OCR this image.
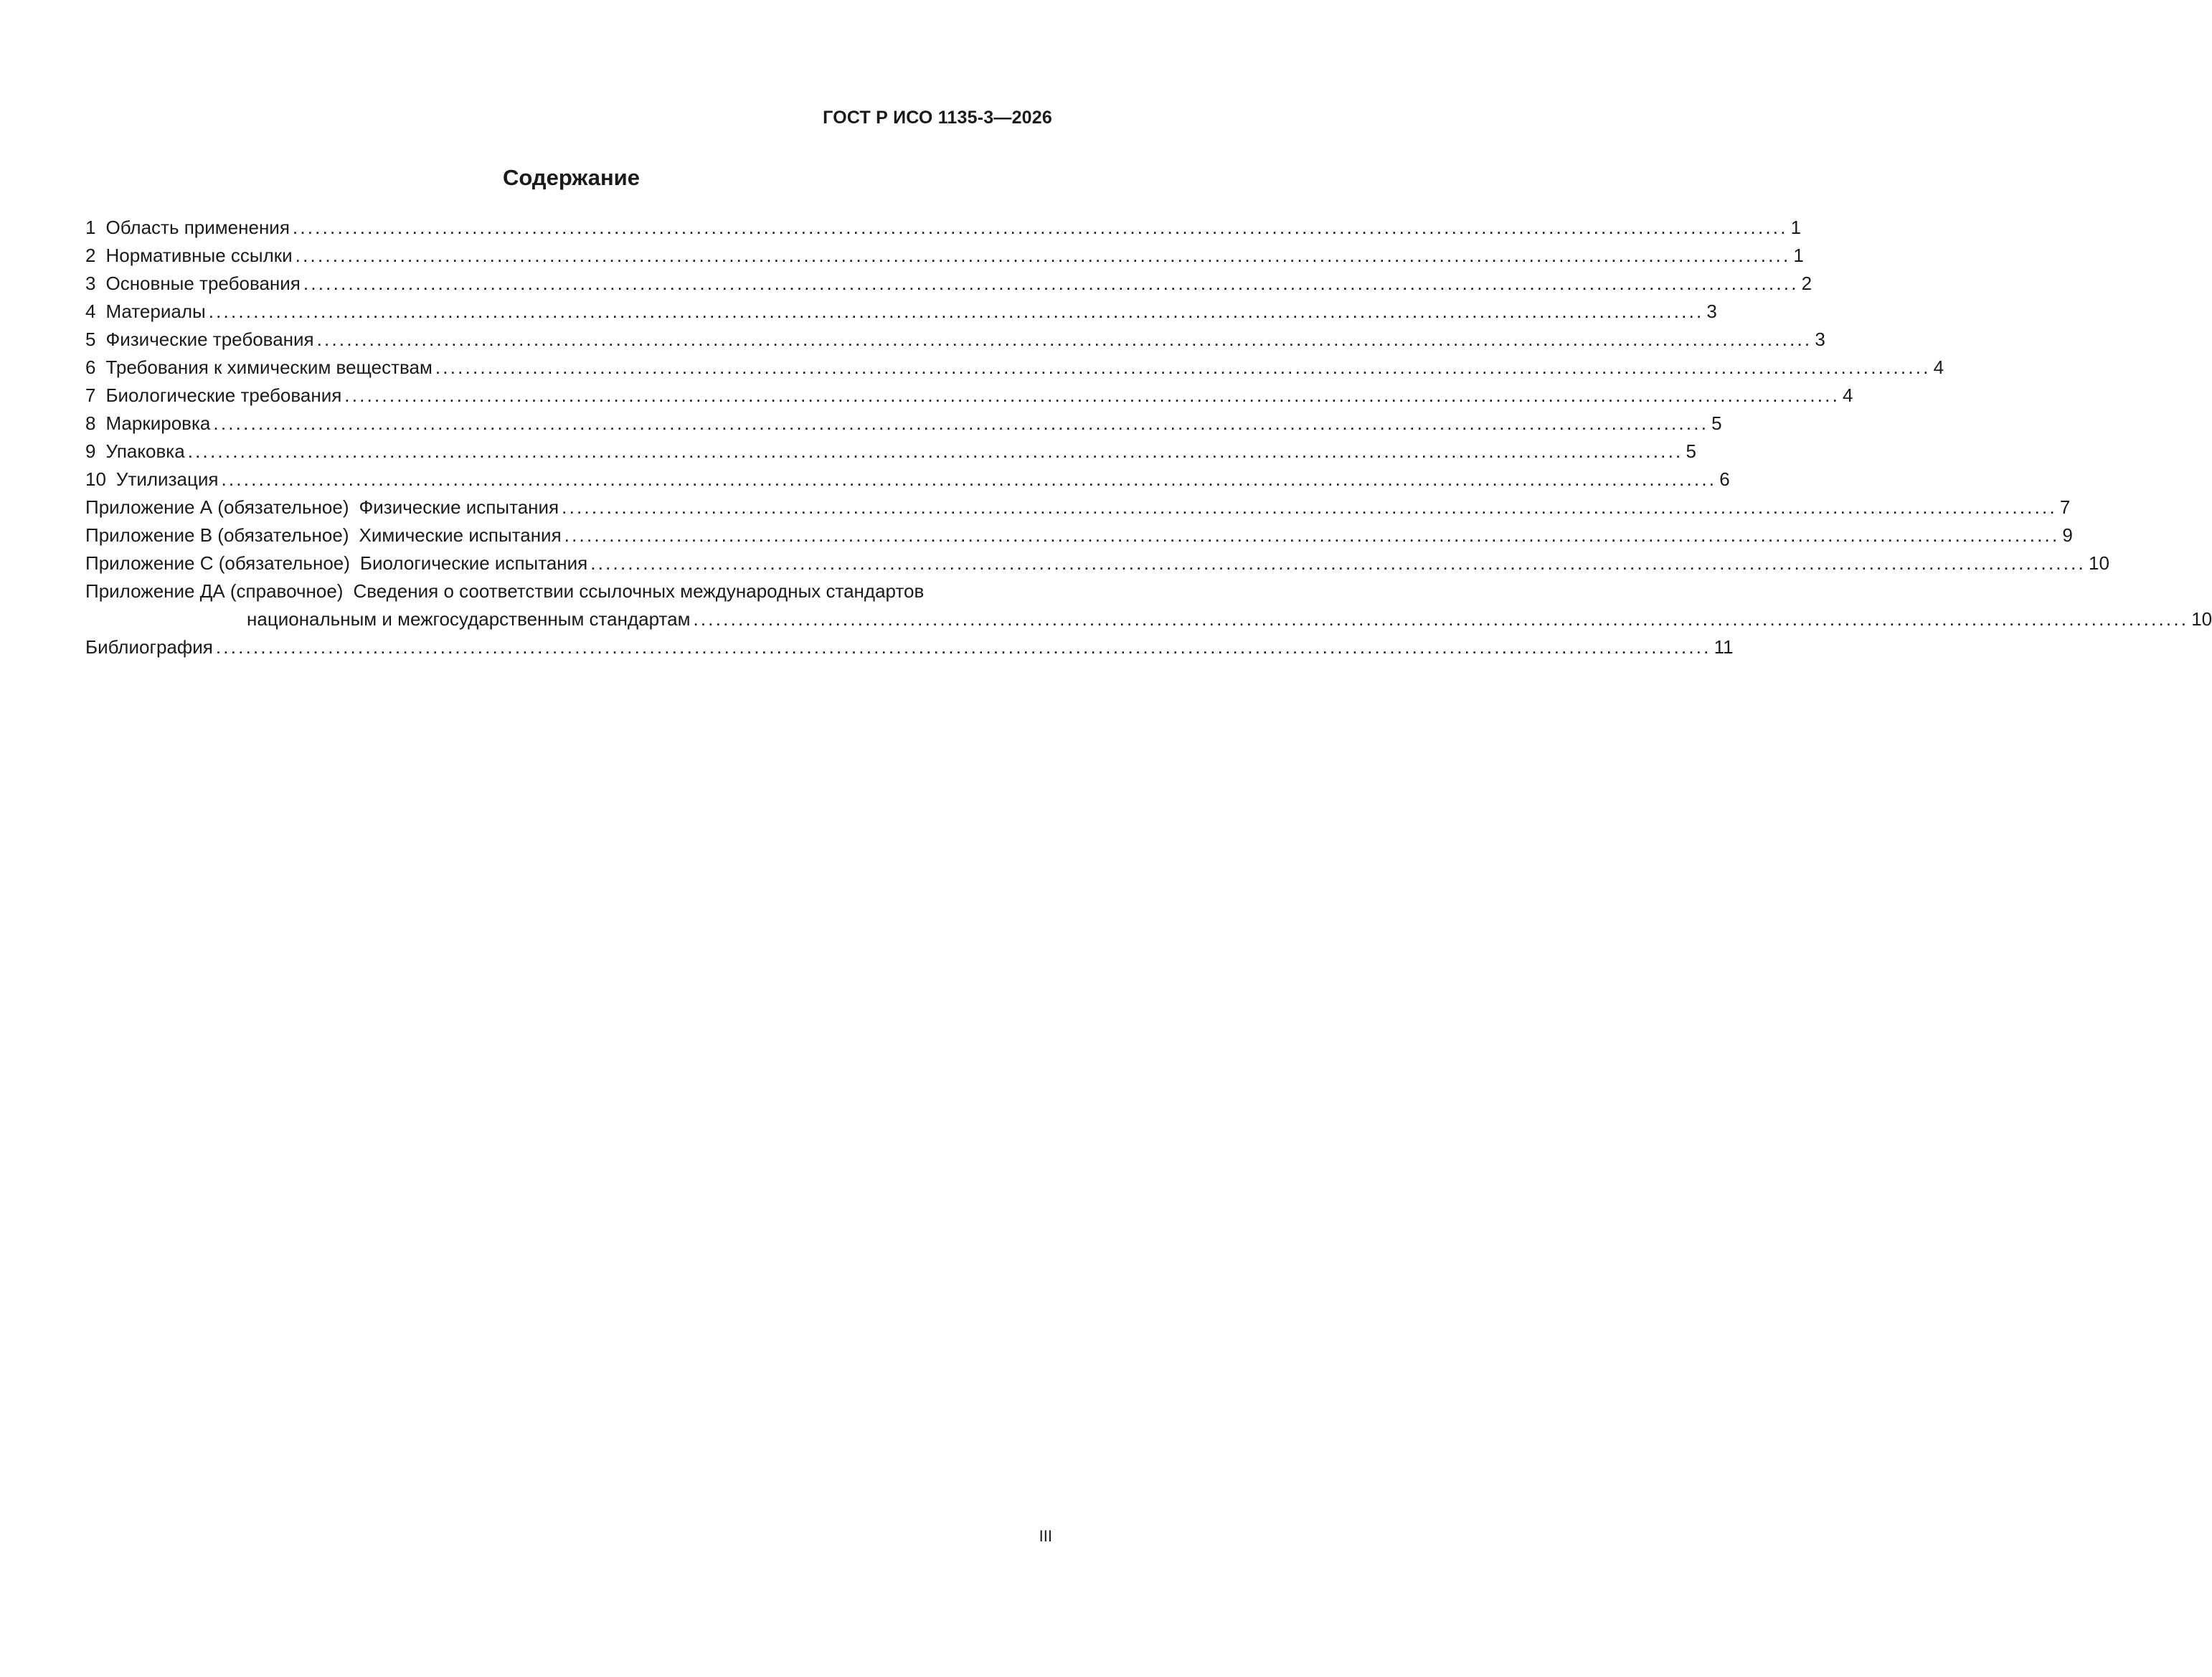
ГОСТ Р ИСО 1135-3—2026
Содержание
1 Область применения ........................................................................................................................................................................................................ 1
2 Нормативные ссылки ........................................................................................................................................................................................................ 1
3 Основные требования ........................................................................................................................................................................................................ 2
4 Материалы ........................................................................................................................................................................................................ 3
5 Физические требования ........................................................................................................................................................................................................ 3
6 Требования к химическим веществам ........................................................................................................................................................................................................ 4
7 Биологические требования ........................................................................................................................................................................................................ 4
8 Маркировка ........................................................................................................................................................................................................ 5
9 Упаковка ........................................................................................................................................................................................................ 5
10 Утилизация ........................................................................................................................................................................................................ 6
Приложение А (обязательное) Физические испытания ........................................................................................................................................................................................................ 7
Приложение В (обязательное) Химические испытания ........................................................................................................................................................................................................ 9
Приложение С (обязательное) Биологические испытания ........................................................................................................................................................................................................ 10
Приложение ДА (справочное) Сведения о соответствии ссылочных международных стандартов
национальным и межгосударственным стандартам ........................................................................................................................................................................................................ 10
Библиография ........................................................................................................................................................................................................ 11
III
